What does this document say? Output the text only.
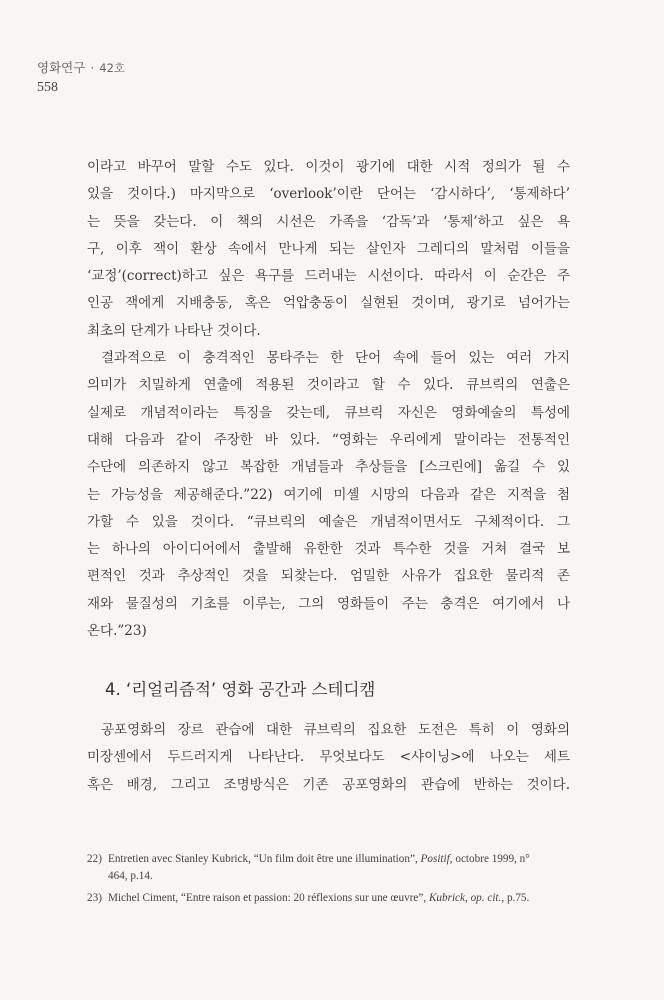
영화연구 · 42호
558
이라고 바꾸어 말할 수도 있다. 이것이 광기에 대한 시적 정의가 될 수
있을 것이다.) 마지막으로 ‘overlook’이란 단어는 ‘감시하다’, ‘통제하다’
는 뜻을 갖는다. 이 책의 시선은 가족을 ‘감독’과 ‘통제’하고 싶은 욕
구, 이후 잭이 환상 속에서 만나게 되는 살인자 그레디의 말처럼 이들을
‘교정’(correct)하고 싶은 욕구를 드러내는 시선이다. 따라서 이 순간은 주
인공 잭에게 지배충동, 혹은 억압충동이 실현된 것이며, 광기로 넘어가는
최초의 단계가 나타난 것이다.
결과적으로 이 충격적인 몽타주는 한 단어 속에 들어 있는 여러 가지
의미가 치밀하게 연출에 적용된 것이라고 할 수 있다. 큐브릭의 연출은
실제로 개념적이라는 특징을 갖는데, 큐브릭 자신은 영화예술의 특성에
대해 다음과 같이 주장한 바 있다. “영화는 우리에게 말이라는 전통적인
수단에 의존하지 않고 복잡한 개념들과 추상들을 [스크린에] 옮길 수 있
는 가능성을 제공해준다.”22) 여기에 미셸 시망의 다음과 같은 지적을 첨
가할 수 있을 것이다. “큐브릭의 예술은 개념적이면서도 구체적이다. 그
는 하나의 아이디어에서 출발해 유한한 것과 특수한 것을 거쳐 결국 보
편적인 것과 추상적인 것을 되찾는다. 엄밀한 사유가 집요한 물리적 존
재와 물질성의 기초를 이루는, 그의 영화들이 주는 충격은 여기에서 나
온다.”23)
4. ‘리얼리즘적’ 영화 공간과 스테디캠
공포영화의 장르 관습에 대한 큐브릭의 집요한 도전은 특히 이 영화의
미장센에서 두드러지게 나타난다. 무엇보다도 <샤이닝>에 나오는 세트
혹은 배경, 그리고 조명방식은 기존 공포영화의 관습에 반하는 것이다.
22) Entretien avec Stanley Kubrick, “Un film doit être une illumination”, Positif, octobre 1999, n°
464, p.14.
23) Michel Ciment, “Entre raison et passion: 20 réflexions sur une œuvre”, Kubrick, op. cit., p.75.
